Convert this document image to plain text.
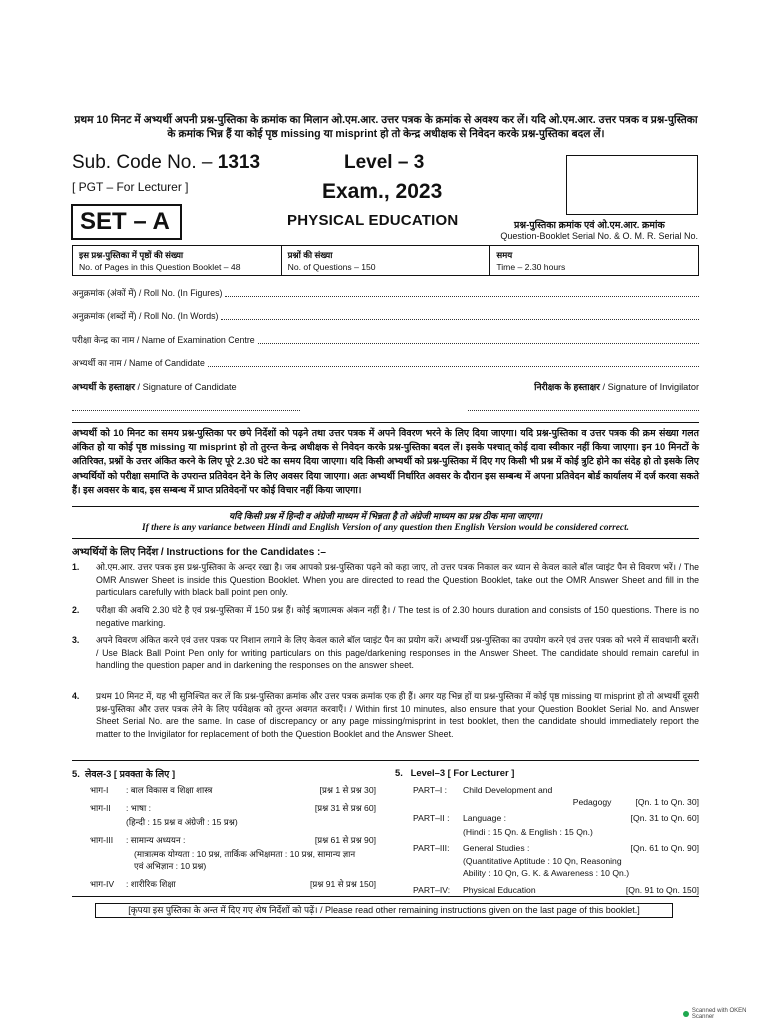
प्रथम 10 मिनट में अभ्यर्थी अपनी प्रश्न-पुस्तिका के क्रमांक का मिलान ओ.एम.आर. उत्तर पत्रक के क्रमांक से अवश्य कर लें। यदि ओ.एम.आर. उत्तर पत्रक व प्रश्न-पुस्तिका के क्रमांक भिन्न हैं या कोई पृष्ठ missing या misprint हो तो केन्द्र अधीक्षक से निवेदन करके प्रश्न-पुस्तिका बदल लें।
Sub. Code No. – 1313
[ PGT – For Lecturer ]
Level – 3
Exam., 2023
SET – A	PHYSICAL EDUCATION	प्रश्न-पुस्तिका क्रमांक एवं ओ.एम.आर. क्रमांक
Question-Booklet Serial No. & O. M. R. Serial No.
इस प्रश्न-पुस्तिका में पृष्ठों की संख्या
No. of Pages in this Question Booklet – 48
प्रश्नों की संख्या
No. of Questions – 150
समय
Time – 2.30 hours
अनुक्रमांक (अंकों में) / Roll No. (In Figures)
अनुक्रमांक (शब्दों में) / Roll No. (In Words)
परीक्षा केन्द्र का नाम / Name of Examination Centre
अभ्यर्थी का नाम / Name of Candidate
अभ्यर्थी के हस्ताक्षर / Signature of Candidate	निरीक्षक के हस्ताक्षर / Signature of Invigilator
अभ्यर्थी को 10 मिनट का समय प्रश्न-पुस्तिका पर छपे निर्देशों को पढ़ने तथा उत्तर पत्रक में अपने विवरण भरने के लिए दिया जाएगा। यदि प्रश्न-पुस्तिका व उत्तर पत्रक की क्रम संख्या गलत अंकित हो या कोई पृष्ठ missing या misprint हो तो तुरन्त केन्द्र अधीक्षक से निवेदन करके प्रश्न-पुस्तिका बदल लें। इसके पश्चात् कोई दावा स्वीकार नहीं किया जाएगा। इन 10 मिनटों के अतिरिक्त, प्रश्नों के उत्तर अंकित करने के लिए पूरे 2.30 घंटे का समय दिया जाएगा। यदि किसी अभ्यर्थी को प्रश्न-पुस्तिका में दिए गए किसी भी प्रश्न में कोई त्रुटि होने का संदेह हो तो इसके लिए अभ्यर्थियों को परीक्षा समाप्ति के उपरान्त प्रतिवेदन देने के लिए अवसर दिया जाएगा। अतः अभ्यर्थी निर्धारित अवसर के दौरान इस सम्बन्ध में अपना प्रतिवेदन बोर्ड कार्यालय में दर्ज करवा सकते हैं। इस अवसर के बाद, इस सम्बन्ध में प्राप्त प्रतिवेदनों पर कोई विचार नहीं किया जाएगा।
यदि किसी प्रश्न में हिन्दी व अंग्रेजी माध्यम में भिन्नता है तो अंग्रेजी माध्यम का प्रश्न ठीक माना जाएगा।
If there is any variance between Hindi and English Version of any question then English Version would be considered correct.
अभ्यर्थियों के लिए निर्देश / Instructions for the Candidates :–
1.	ओ.एम.आर. उत्तर पत्रक इस प्रश्न-पुस्तिका के अन्दर रखा है। जब आपको प्रश्न-पुस्तिका पढ़ने को कहा जाए, तो उत्तर पत्रक निकाल कर ध्यान से केवल काले बॉल प्वाइंट पैन से विवरण भरें। / The OMR Answer Sheet is inside this Question Booklet. When you are directed to read the Question Booklet, take out the OMR Answer Sheet and fill in the particulars carefully with black ball point pen only.
2.	परीक्षा की अवधि 2.30 घंटे है एवं प्रश्न-पुस्तिका में 150 प्रश्न हैं। कोई ऋणात्मक अंकन नहीं है। / The test is of 2.30 hours duration and consists of 150 questions. There is no negative marking.
3.	अपने विवरण अंकित करने एवं उत्तर पत्रक पर निशान लगाने के लिए केवल काले बॉल प्वाइंट पैन का प्रयोग करें। अभ्यर्थी प्रश्न-पुस्तिका का उपयोग करने एवं उत्तर पत्रक को भरने में सावधानी बरतें। / Use Black Ball Point Pen only for writing particulars on this page/darkening responses in the Answer Sheet. The candidate should remain careful in handling the question paper and in darkening the responses on the answer sheet.
4.	प्रथम 10 मिनट में, यह भी सुनिश्चित कर लें कि प्रश्न-पुस्तिका क्रमांक और उत्तर पत्रक क्रमांक एक ही हैं। अगर यह भिन्न हों या प्रश्न-पुस्तिका में कोई पृष्ठ missing या misprint हो तो अभ्यर्थी दूसरी प्रश्न-पुस्तिका और उत्तर पत्रक लेने के लिए पर्यवेक्षक को तुरन्त अवगत करवाएँ। / Within first 10 minutes, also ensure that your Question Booklet Serial No. and Answer Sheet Serial No. are the same. In case of discrepancy or any page missing/misprint in test booklet, then the candidate should immediately report the matter to the Invigilator for replacement of both the Question Booklet and the Answer Sheet.
5. लेवल-3 [ प्रवक्ता के लिए ]
भाग-I	: बाल विकास व शिक्षा शास्त्र	[प्रश्न 1 से प्रश्न 30]
भाग-II	: भाषा :	[प्रश्न 31 से प्रश्न 60]
(हिन्दी : 15 प्रश्न व अंग्रेजी : 15 प्रश्न)
भाग-III	: सामान्य अध्ययन :	[प्रश्न 61 से प्रश्न 90]
(मात्रात्मक योग्यता : 10 प्रश्न, तार्किक अभिक्षमता : 10 प्रश्न, सामान्य ज्ञान एवं अभिज्ञान : 10 प्रश्न)
भाग-IV	: शारीरिक शिक्षा	[प्रश्न 91 से प्रश्न 150]
5. Level–3 [ For Lecturer ]
PART–I :	Child Development and
Pedagogy	[Qn. 1 to Qn. 30]
PART–II :	Language :	[Qn. 31 to Qn. 60]
(Hindi : 15 Qn. & English : 15 Qn.)
PART–III:	General Studies :	[Qn. 61 to Qn. 90]
(Quantitative Aptitude : 10 Qn, Reasoning Ability : 10 Qn, G. K. & Awareness : 10 Qn.)
PART–IV:	Physical Education	[Qn. 91 to Qn. 150]
[कृपया इस पुस्तिका के अन्त में दिए गए शेष निर्देशों को पढ़ें। / Please read other remaining instructions given on the last page of this booklet.]
Scanned with OKEN Scanner
